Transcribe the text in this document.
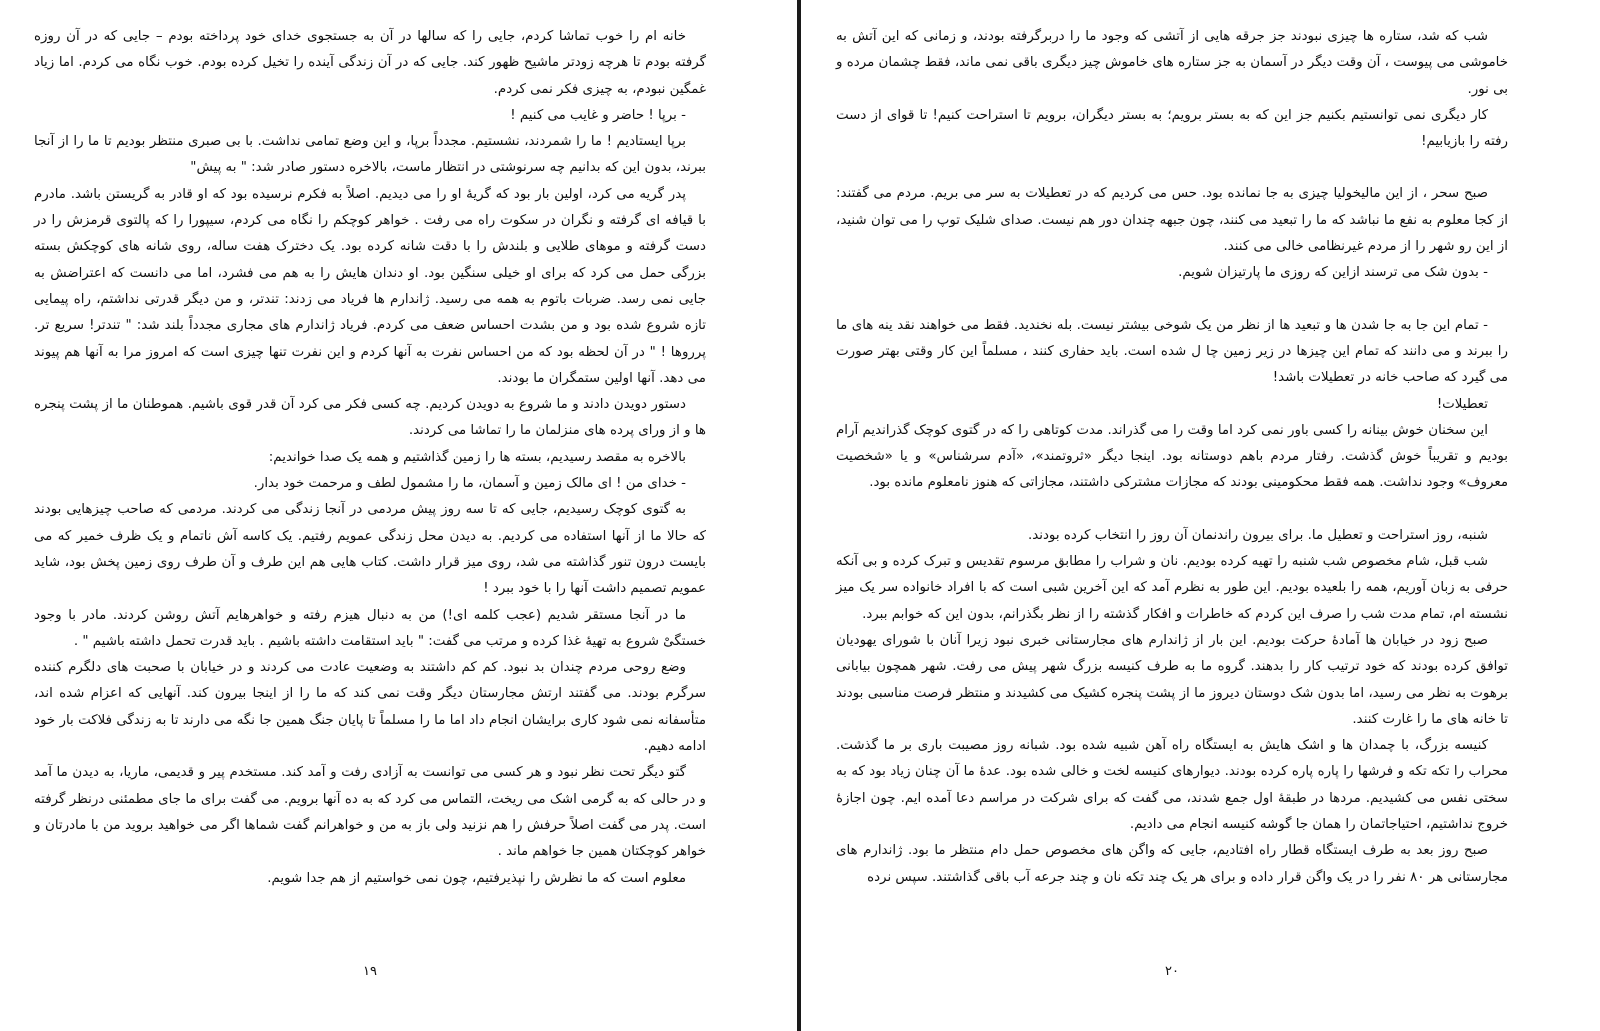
خانه ام را خوب تماشا کردم، جایی را که سالها در آن به جستجوی خدای خود پرداخته بودم – جایی که در آن روزه گرفته بودم تا هرچه زودتر ماشیح ظهور کند. جایی که در آن زندگی آینده را تخیل کرده بودم. خوب نگاه می کردم. اما زیاد غمگین نبودم، به چیزی فکر نمی کردم.

- برپا ! حاضر و غایب می کنیم !

برپا ایستادیم ! ما را شمردند، نشستیم. مجدداً برپا، و این وضع تمامی نداشت. با بی صبری منتظر بودیم تا ما را از آنجا ببرند، بدون این که بدانیم چه سرنوشتی در انتظار ماست، بالاخره دستور صادر شد: " به پیش"

پدر گریه می کرد، اولین بار بود که گریهٔ او را می دیدیم. اصلاً به فکرم نرسیده بود که او قادر به گریستن باشد. مادرم با قیافه ای گرفته و نگران در سکوت راه می رفت . خواهر کوچکم را نگاه می کردم، سیپورا را که پالتوی قرمزش را در دست گرفته و موهای طلایی و بلندش را با دقت شانه کرده بود. یک دخترک هفت ساله، روی شانه های کوچکش بسته بزرگی حمل می کرد که برای او خیلی سنگین بود. او دندان هایش را به هم می فشرد، اما می دانست که اعتراضش به جایی نمی رسد. ضربات باتوم به همه می رسید. ژاندارم ها فریاد می زدند: تندتر، و من دیگر قدرتی نداشتم، راه پیمایی تازه شروع شده بود و من بشدت احساس ضعف می کردم. فریاد ژاندارم های مجاری مجدداً بلند شد: " تندتر! سریع تر. پرروها ! " در آن لحظه بود که من احساس نفرت به آنها کردم و این نفرت تنها چیزی است که امروز مرا به آنها هم پیوند می دهد. آنها اولین ستمگران ما بودند.

دستور دویدن دادند و ما شروع به دویدن کردیم. چه کسی فکر می کرد آن قدر قوی باشیم. هموطنان ما از پشت پنجره ها و از ورای پرده های منزلمان ما را تماشا می کردند.

بالاخره به مقصد رسیدیم، بسته ها را زمین گذاشتیم و همه یک صدا خواندیم:

- خدای من ! ای مالک زمین و آسمان، ما را مشمول لطف و مرحمت خود بدار.

به گتوی کوچک رسیدیم، جایی که تا سه روز پیش مردمی در آنجا زندگی می کردند. مردمی که صاحب چیزهایی بودند که حالا ما از آنها استفاده می کردیم. به دیدن محل زندگی عمویم رفتیم. یک کاسه آش ناتمام و یک ظرف خمیر که می بایست درون تنور گذاشته می شد، روی میز قرار داشت. کتاب هایی هم این طرف و آن طرف روی زمین پخش بود، شاید عمویم تصمیم داشت آنها را با خود ببرد !

ما در آنجا مستقر شدیم (عجب کلمه ای!) من به دنبال هیزم رفته و خواهرهایم آتش روشن کردند. مادر با وجود خستگیْ شروع به تهیهٔ غذا کرده و مرتب می گفت: " باید استقامت داشته باشیم . باید قدرت تحمل داشته باشیم " .

وضع روحی مردم چندان بد نبود. کم کم داشتند به وضعیت عادت می کردند و در خیابان با صحبت های دلگرم کننده سرگرم بودند. می گفتند ارتش مجارستان دیگر وقت نمی کند که ما را از اینجا بیرون کند. آنهایی که اعزام شده اند، متأسفانه نمی شود کاری برایشان انجام داد اما ما را مسلماً تا پایان جنگ همین جا نگه می دارند تا به زندگی فلاکت بار خود ادامه دهیم.

گتو دیگر تحت نظر نبود و هر کسی می توانست به آزادی رفت و آمد کند. مستخدم پیر و قدیمی، ماریا، به دیدن ما آمد و در حالی که به گرمی اشک می ریخت، التماس می کرد که به ده آنها برویم. می گفت برای ما جای مطمئنی درنظر گرفته است. پدر می گفت اصلاً حرفش را هم نزنید ولی باز به من و خواهرانم گفت شماها اگر می خواهید بروید من با مادرتان و خواهر کوچکتان همین جا خواهم ماند .

معلوم است که ما نظرش را نپذیرفتیم، چون نمی خواستیم از هم جدا شویم.

۱۹

شب که شد، ستاره ها چیزی نبودند جز جرقه هایی از آتشی که وجود ما را دربرگرفته بودند، و زمانی که این آتش به خاموشی می پیوست ، آن وقت دیگر در آسمان به جز ستاره های خاموش چیز دیگری باقی نمی ماند، فقط چشمان مرده و بی نور.

کار دیگری نمی توانستیم بکنیم جز این که به بستر برویم؛ به بستر دیگران، برویم تا استراحت کنیم! تا قوای از دست رفته را بازیابیم!

صبح سحر ، از این مالیخولیا چیزی به جا نمانده بود. حس می کردیم که در تعطیلات به سر می بریم. مردم می گفتند: از کجا معلوم به نفع ما نباشد که ما را تبعید می کنند، چون جبهه چندان دور هم نیست. صدای شلیک توپ را می توان شنید، از این رو شهر را از مردم غیرنظامی خالی می کنند.

- بدون شک می ترسند ازاین که روزی ما پارتیزان شویم.

- تمام این جا به جا شدن ها و تبعید ها از نظر من یک شوخی بیشتر نیست. بله نخندید. فقط می خواهند نقد ینه های ما را ببرند و می دانند که تمام این چیزها در زیر زمین چا ل شده است. باید حفاری کنند ، مسلماً این کار وقتی بهتر صورت می گیرد که صاحب خانه در تعطیلات باشد!

تعطیلات!

این سخنان خوش بینانه را کسی باور نمی کرد اما وقت را می گذراند. مدت کوتاهی را که در گتوی کوچک گذراندیم آرام بودیم و تقریباً خوش گذشت. رفتار مردم باهم دوستانه بود. اینجا دیگر «ثروتمند»، «آدم سرشناس» و یا «شخصیت معروف» وجود نداشت. همه فقط محکومینی بودند که مجازات مشترکی داشتند، مجازاتی که هنوز نامعلوم مانده بود.

شنبه، روز استراحت و تعطیل ما. برای بیرون راندنمان آن روز را انتخاب کرده بودند.

شب قبل، شام مخصوص شب شنبه را تهیه کرده بودیم. نان و شراب را مطابق مرسوم تقدیس و تبرک کرده و بی آنکه حرفی به زبان آوریم، همه را بلعیده بودیم. این طور به نظرم آمد که این آخرین شبی است که با افراد خانواده سر یک میز نشسته ام، تمام مدت شب را صرف این کردم که خاطرات و افکار گذشته را از نظر بگذرانم، بدون این که خوابم ببرد.

صبح زود در خیابان ها آمادهٔ حرکت بودیم. این بار از ژاندارم های مجارستانی خبری نبود زیرا آنان با شورای یهودیان توافق کرده بودند که خود ترتیب کار را بدهند. گروه ما به طرف کنیسه بزرگ شهر پیش می رفت. شهر همچون بیابانی برهوت به نظر می رسید، اما بدون شک دوستان دیروز ما از پشت پنجره کشیک می کشیدند و منتظر فرصت مناسبی بودند تا خانه های ما را غارت کنند.

کنیسه بزرگ، با چمدان ها و اشک هایش به ایستگاه راه آهن شبیه شده بود. شبانه روز مصیبت باری بر ما گذشت. محراب را تکه تکه و فرشها را پاره پاره کرده بودند. دیوارهای کنیسه لخت و خالی شده بود. عدهٔ ما آن چنان زیاد بود که به سختی نفس می کشیدیم. مردها در طبقهٔ اول جمع شدند، می گفت که برای شرکت در مراسم دعا آمده ایم. چون اجازهٔ خروج نداشتیم، احتیاجاتمان را همان جا گوشه کنیسه انجام می دادیم.

صبح روز بعد به طرف ایستگاه قطار راه افتادیم، جایی که واگن های مخصوص حمل دام منتظر ما بود. ژاندارم های مجارستانی هر ۸۰ نفر را در یک واگن قرار داده و برای هر یک چند تکه نان و چند جرعه آب باقی گذاشتند. سپس نرده

۲۰
